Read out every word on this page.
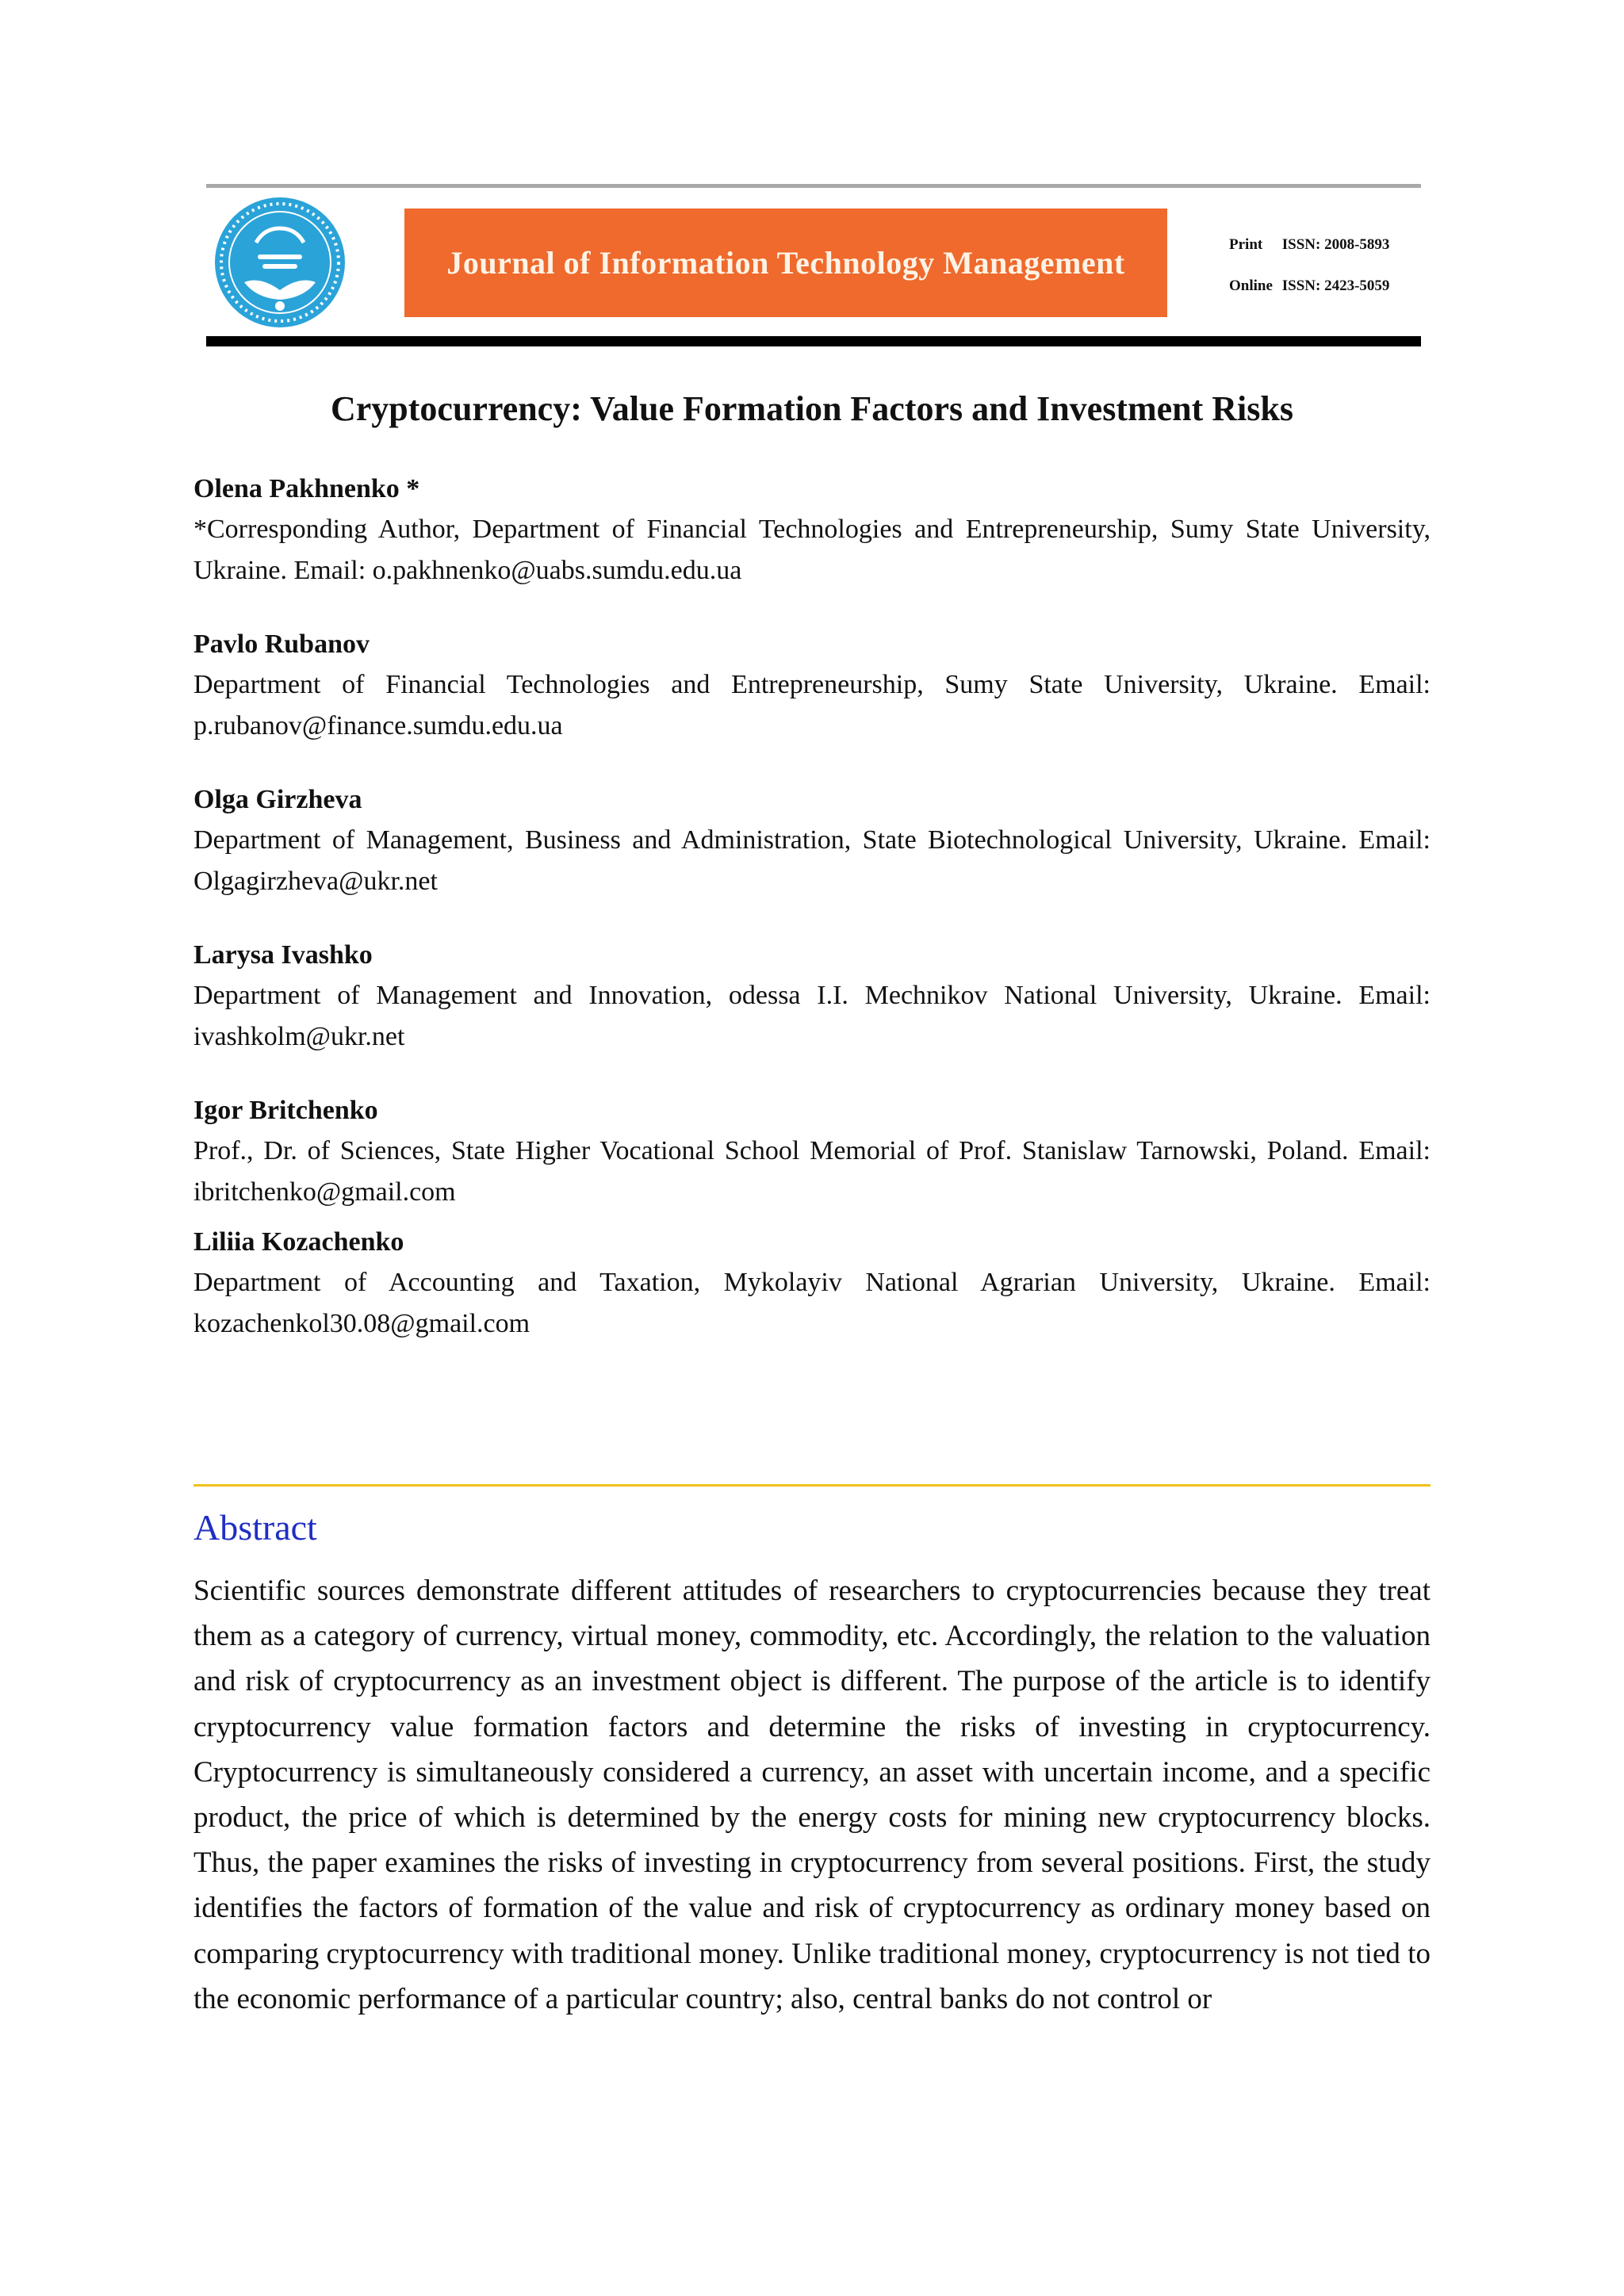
Journal of Information Technology Management
Print ISSN: 2008-5893
Online ISSN: 2423-5059
Cryptocurrency: Value Formation Factors and Investment Risks
Olena Pakhnenko *
*Corresponding Author, Department of Financial Technologies and Entrepreneurship, Sumy State University, Ukraine. Email: o.pakhnenko@uabs.sumdu.edu.ua
Pavlo Rubanov
Department of Financial Technologies and Entrepreneurship, Sumy State University, Ukraine. Email: p.rubanov@finance.sumdu.edu.ua
Olga Girzheva
Department of Management, Business and Administration, State Biotechnological University, Ukraine. Email: Olgagirzheva@ukr.net
Larysa Ivashko
Department of Management and Innovation, odessa I.I. Mechnikov National University, Ukraine. Email: ivashkolm@ukr.net
Igor Britchenko
Prof., Dr. of Sciences, State Higher Vocational School Memorial of Prof. Stanislaw Tarnowski, Poland. Email: ibritchenko@gmail.com
Liliia Kozachenko
Department of Accounting and Taxation, Mykolayiv National Agrarian University, Ukraine. Email: kozachenkol30.08@gmail.com
Abstract
Scientific sources demonstrate different attitudes of researchers to cryptocurrencies because they treat them as a category of currency, virtual money, commodity, etc. Accordingly, the relation to the valuation and risk of cryptocurrency as an investment object is different. The purpose of the article is to identify cryptocurrency value formation factors and determine the risks of investing in cryptocurrency. Cryptocurrency is simultaneously considered a currency, an asset with uncertain income, and a specific product, the price of which is determined by the energy costs for mining new cryptocurrency blocks. Thus, the paper examines the risks of investing in cryptocurrency from several positions. First, the study identifies the factors of formation of the value and risk of cryptocurrency as ordinary money based on comparing cryptocurrency with traditional money. Unlike traditional money, cryptocurrency is not tied to the economic performance of a particular country; also, central banks do not control or
